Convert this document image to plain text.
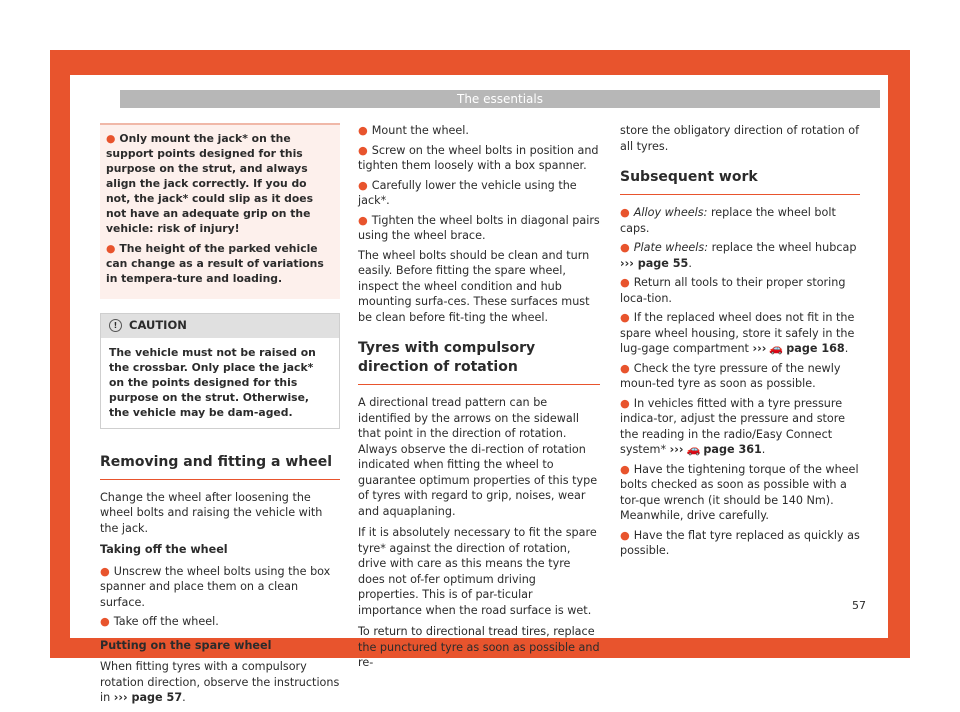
The essentials
● Only mount the jack* on the support points designed for this purpose on the strut, and always align the jack correctly. If you do not, the jack* could slip as it does not have an adequate grip on the vehicle: risk of injury!
● The height of the parked vehicle can change as a result of variations in tempera-ture and loading.
!	CAUTION
The vehicle must not be raised on the crossbar. Only place the jack* on the points designed for this purpose on the strut. Otherwise, the vehicle may be dam-aged.
Removing and fitting a wheel

Change the wheel after loosening the wheel bolts and raising the vehicle with the jack.

Taking off the wheel

● Unscrew the wheel bolts using the box spanner and place them on a clean surface.
● Take off the wheel.

Putting on the spare wheel

When fitting tyres with a compulsory rotation direction, observe the instructions in ››› page 57.

● Mount the wheel.
● Screw on the wheel bolts in position and tighten them loosely with a box spanner.
● Carefully lower the vehicle using the jack*.
● Tighten the wheel bolts in diagonal pairs using the wheel brace.

The wheel bolts should be clean and turn easily. Before fitting the spare wheel, inspect the wheel condition and hub mounting surfa-ces. These surfaces must be clean before fit-ting the wheel.

Tyres with compulsory direction of rotation

A directional tread pattern can be identified by the arrows on the sidewall that point in the direction of rotation. Always observe the di-rection of rotation indicated when fitting the wheel to guarantee optimum properties of this type of tyres with regard to grip, noises, wear and aquaplaning.

If it is absolutely necessary to fit the spare tyre* against the direction of rotation, drive with care as this means the tyre does not of-fer optimum driving properties. This is of par-ticular importance when the road surface is wet.

To return to directional tread tires, replace the punctured tyre as soon as possible and re-

store the obligatory direction of rotation of all tyres.

Subsequent work
● Alloy wheels: replace the wheel bolt caps.
● Plate wheels: replace the wheel hubcap ››› page 55.
● Return all tools to their proper storing loca-tion.
● If the replaced wheel does not fit in the spare wheel housing, store it safely in the lug-gage compartment ››› 🚗 page 168.
● Check the tyre pressure of the newly moun-ted tyre as soon as possible.
● In vehicles fitted with a tyre pressure indica-tor, adjust the pressure and store the reading in the radio/Easy Connect system* ››› 🚗 page 361.
● Have the tightening torque of the wheel bolts checked as soon as possible with a tor-que wrench (it should be 140 Nm). Meanwhile, drive carefully.
● Have the flat tyre replaced as quickly as possible.
57
